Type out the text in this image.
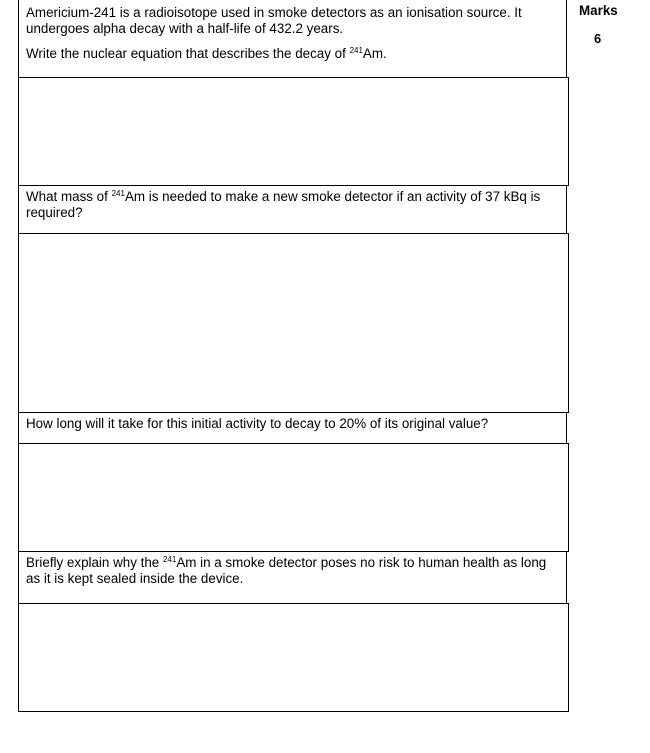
Americium-241 is a radioisotope used in smoke detectors as an ionisation source. It

undergoes alpha decay with a half-life of 432.2 years.

Write the nuclear equation that describes the decay of $^{241}$Am.

What mass of $^{241}$Am is needed to make a new smoke detector if an activity of 37 kBq is

required?

How long will it take for this initial activity to decay to 20% of its original value?

Briefly explain why the $^{241}$Am in a smoke detector poses no risk to human health as long

as it is kept sealed inside the device.

Marks
6
